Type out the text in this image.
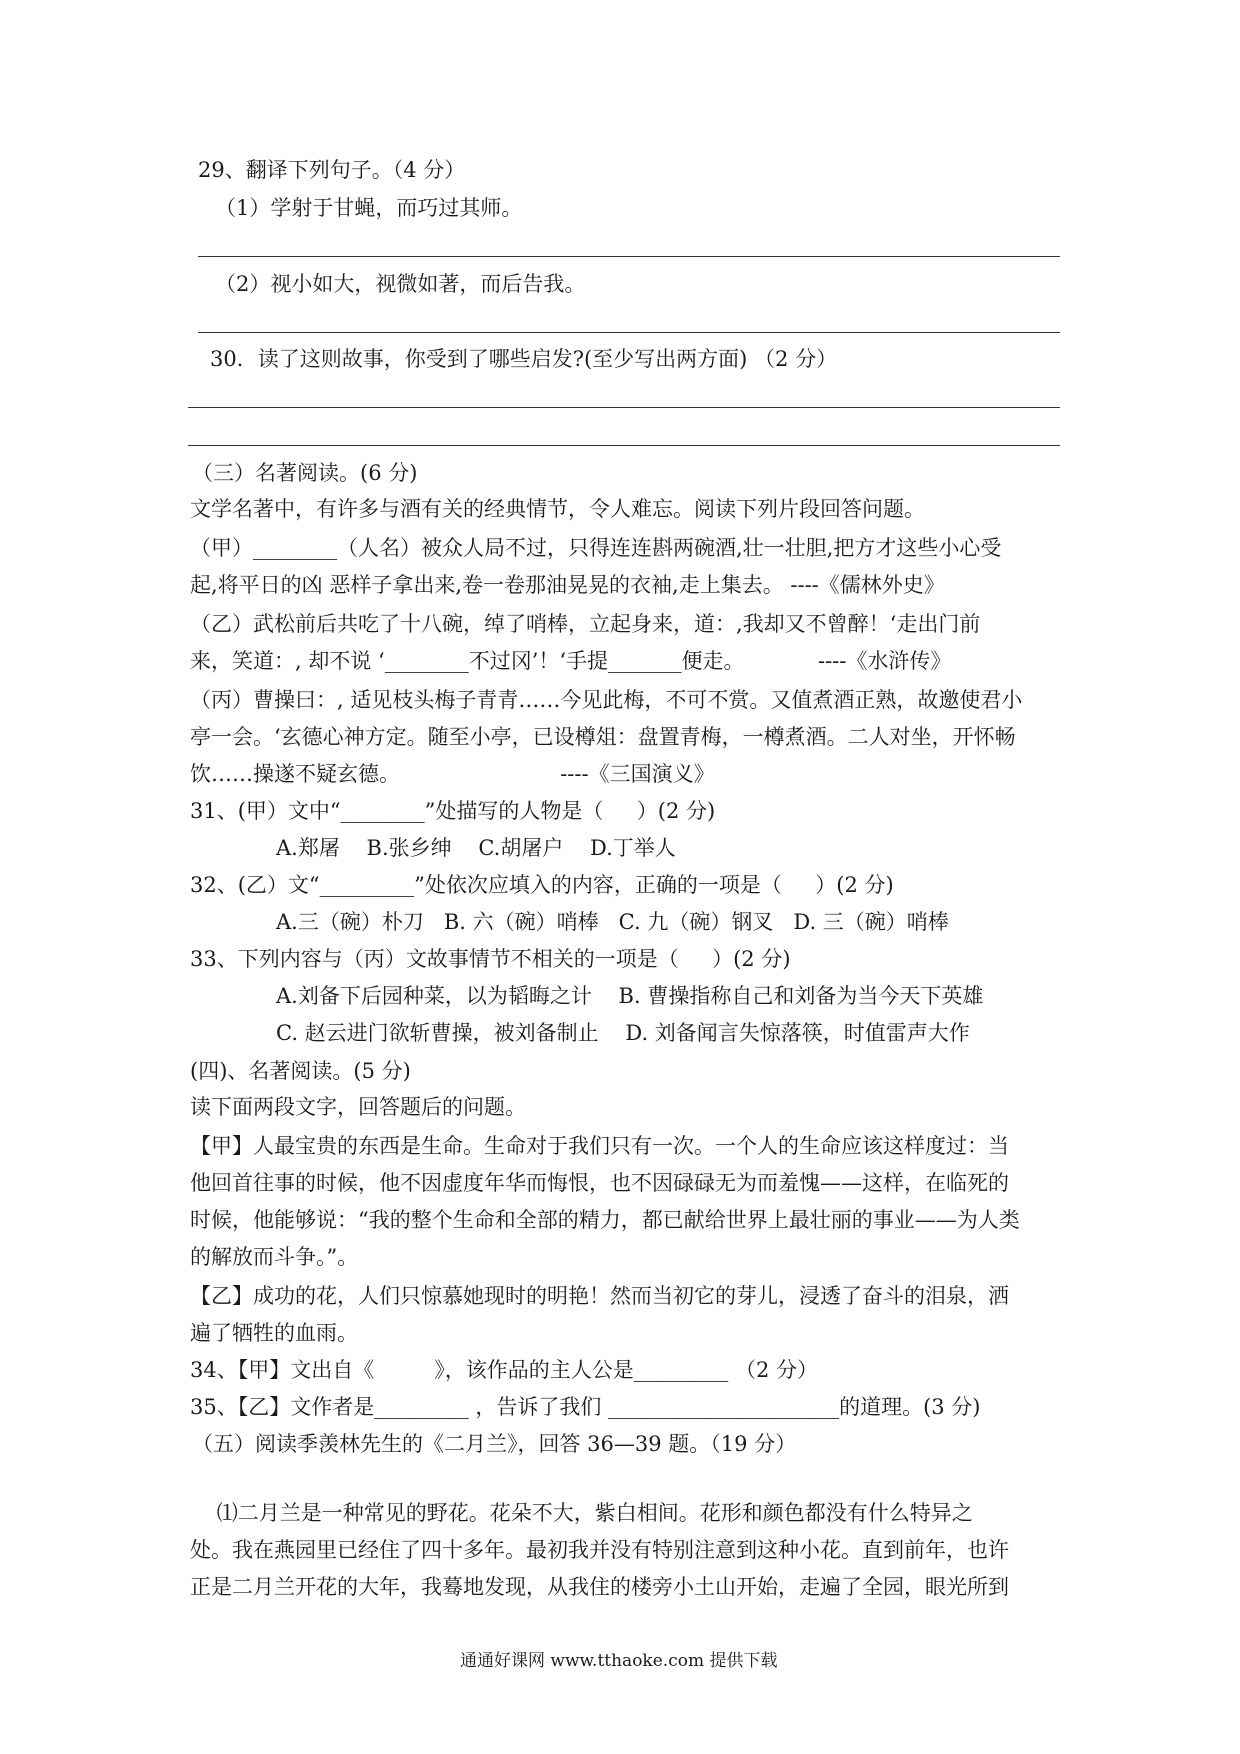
29、翻译下列句子。（4 分）
（1）学射于甘蝇，而巧过其师。
（2）视小如大，视微如著，而后告我。
30．读了这则故事，你受到了哪些启发?(至少写出两方面) （2 分）
（三）名著阅读。(6 分)
文学名著中，有许多与酒有关的经典情节，令人难忘。阅读下列片段回答问题。
（甲）________（人名）被众人局不过，只得连连斟两碗酒,壮一壮胆,把方才这些小心受
起,将平日的凶 恶样子拿出来,卷一卷那油晃晃的衣袖,走上集去。 ----《儒林外史》
（乙）武松前后共吃了十八碗，绰了哨棒，立起身来，道：,我却又不曾醉！‘走出门前
来，笑道：, 却不说 ‘________不过冈’！‘手提_______便走。           ----《水浒传》
（丙）曹操曰：, 适见枝头梅子青青……今见此梅，不可不赏。又值煮酒正熟，故邀使君小
亭一会。‘玄德心神方定。随至小亭，已设樽俎：盘置青梅，一樽煮酒。二人对坐，开怀畅
饮……操遂不疑玄德。                        ----《三国演义》
31、(甲）文中“________”处描写的人物是（     ）(2 分)
A.郑屠    B.张乡绅    C.胡屠户    D.丁举人
32、(乙）文“_________”处依次应填入的内容，正确的一项是（     ）(2 分)
A.三（碗）朴刀   B. 六（碗）哨棒   C. 九（碗）钢叉   D. 三（碗）哨棒
33、下列内容与（丙）文故事情节不相关的一项是（     ）(2 分)
A.刘备下后园种菜，以为韬晦之计    B. 曹操指称自己和刘备为当今天下英雄
C. 赵云进门欲斩曹操，被刘备制止    D. 刘备闻言失惊落筷，时值雷声大作
(四)、名著阅读。(5 分)
读下面两段文字，回答题后的问题。
【甲】人最宝贵的东西是生命。生命对于我们只有一次。一个人的生命应该这样度过：当
他回首往事的时候，他不因虚度年华而悔恨，也不因碌碌无为而羞愧——这样，在临死的
时候，他能够说：“我的整个生命和全部的精力，都已献给世界上最壮丽的事业——为人类
的解放而斗争。”。
【乙】成功的花，人们只惊慕她现时的明艳！然而当初它的芽儿，浸透了奋斗的泪泉，洒
遍了牺牲的血雨。
34、【甲】文出自《         》，该作品的主人公是_________ （2 分）
35、【乙】文作者是_________ ，告诉了我们 ______________________的道理。(3 分)
（五）阅读季羡林先生的《二月兰》，回答 36—39 题。（19 分）
⑴二月兰是一种常见的野花。花朵不大，紫白相间。花形和颜色都没有什么特异之
处。我在燕园里已经住了四十多年。最初我并没有特别注意到这种小花。直到前年，也许
正是二月兰开花的大年，我蓦地发现，从我住的楼旁小土山开始，走遍了全园，眼光所到
通通好课网 www.tthaoke.com 提供下载
